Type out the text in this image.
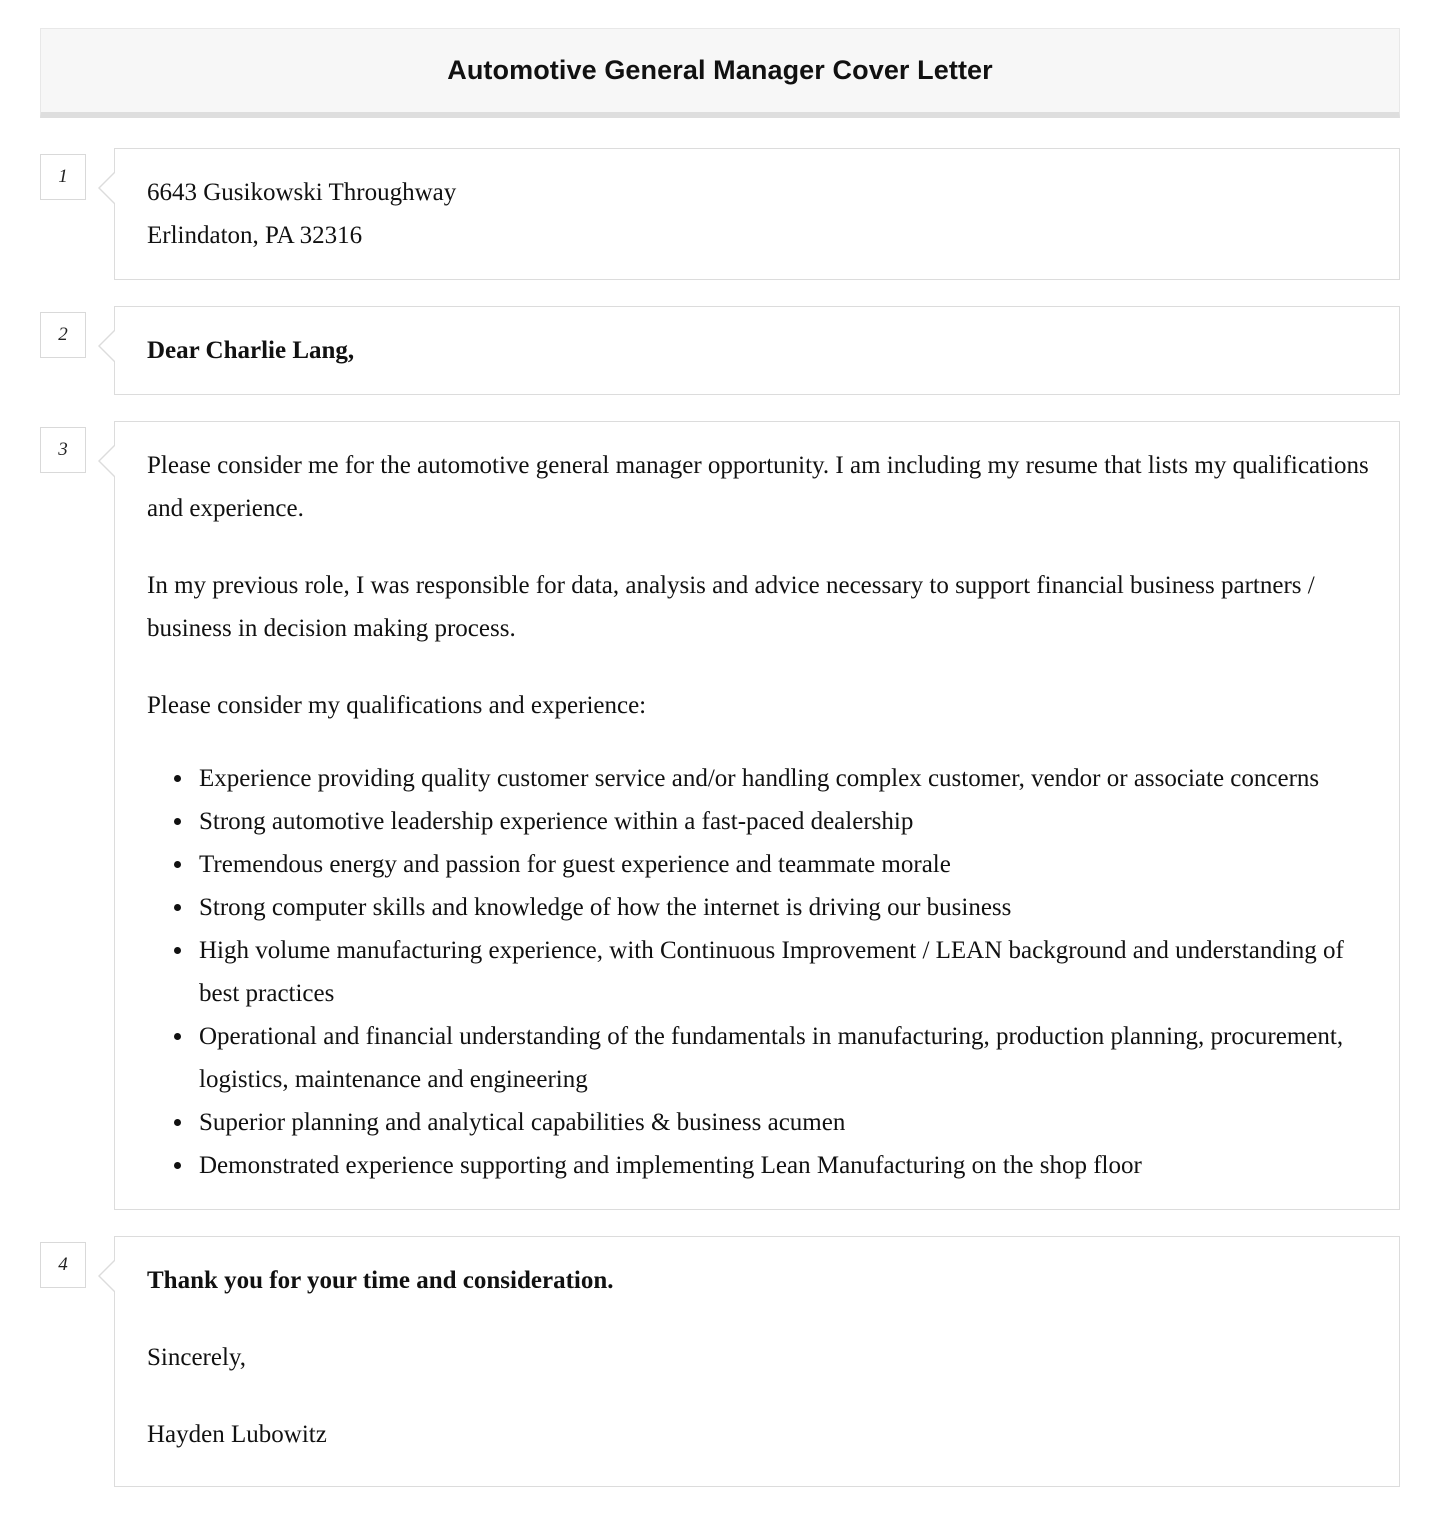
Automotive General Manager Cover Letter
1
6643 Gusikowski Throughway
Erlindaton, PA 32316
2
Dear Charlie Lang,
3

Please consider me for the automotive general manager opportunity. I am including my resume that lists my qualifications and experience.

In my previous role, I was responsible for data, analysis and advice necessary to support financial business partners / business in decision making process.

Please consider my qualifications and experience:

• Experience providing quality customer service and/or handling complex customer, vendor or associate concerns
• Strong automotive leadership experience within a fast-paced dealership
• Tremendous energy and passion for guest experience and teammate morale
• Strong computer skills and knowledge of how the internet is driving our business
• High volume manufacturing experience, with Continuous Improvement / LEAN background and understanding of best practices
• Operational and financial understanding of the fundamentals in manufacturing, production planning, procurement, logistics, maintenance and engineering
• Superior planning and analytical capabilities & business acumen
• Demonstrated experience supporting and implementing Lean Manufacturing on the shop floor
4

Thank you for your time and consideration.

Sincerely,

Hayden Lubowitz
